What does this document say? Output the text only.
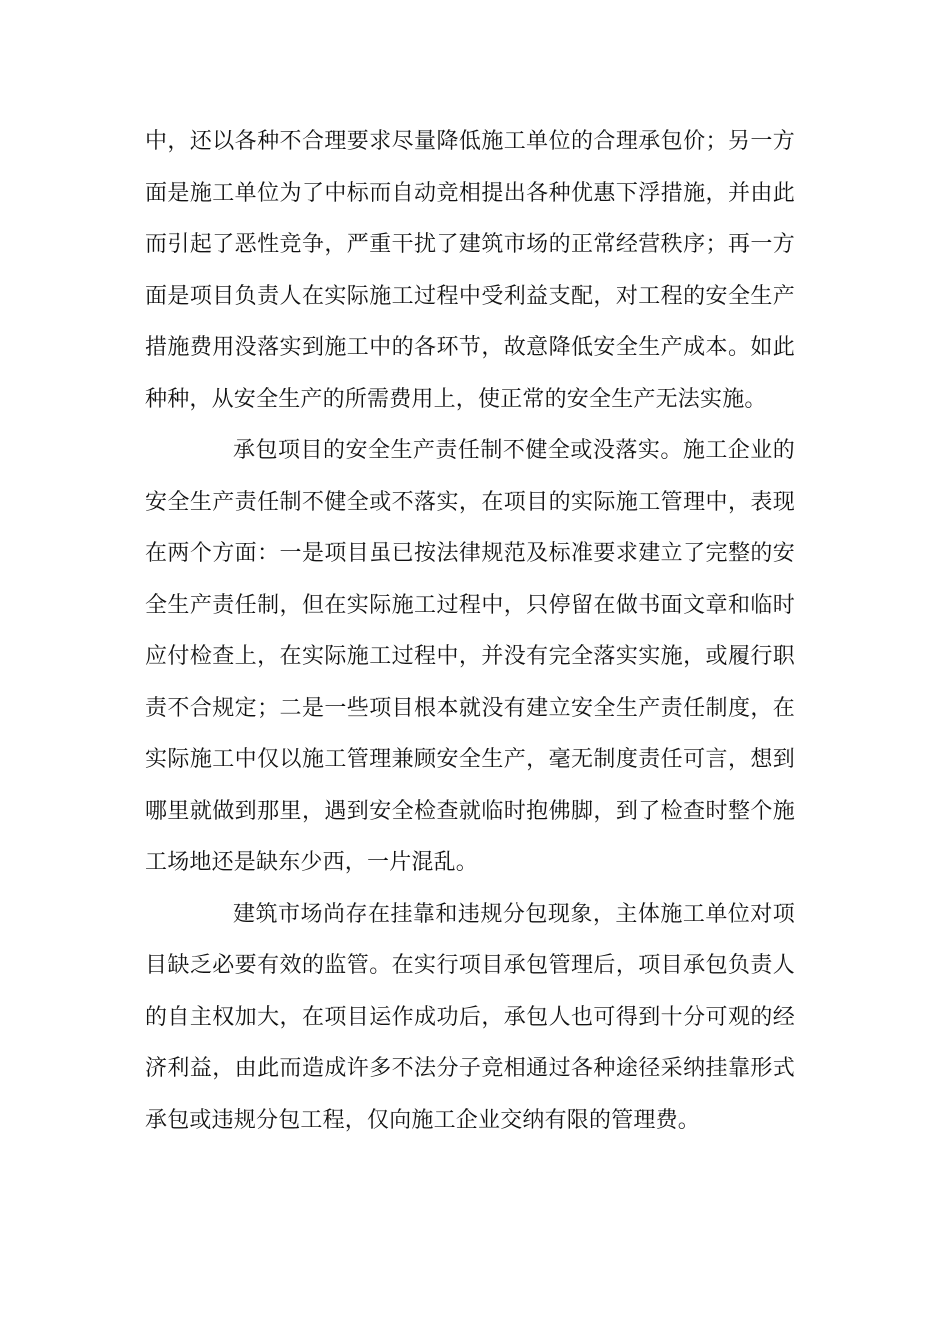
中，还以各种不合理要求尽量降低施工单位的合理承包价；另一方面是施工单位为了中标而自动竞相提出各种优惠下浮措施，并由此而引起了恶性竞争，严重干扰了建筑市场的正常经营秩序；再一方面是项目负责人在实际施工过程中受利益支配，对工程的安全生产措施费用没落实到施工中的各环节，故意降低安全生产成本。如此种种，从安全生产的所需费用上，使正常的安全生产无法实施。

承包项目的安全生产责任制不健全或没落实。施工企业的安全生产责任制不健全或不落实，在项目的实际施工管理中，表现在两个方面：一是项目虽已按法律规范及标准要求建立了完整的安全生产责任制，但在实际施工过程中，只停留在做书面文章和临时应付检查上，在实际施工过程中，并没有完全落实实施，或履行职责不合规定；二是一些项目根本就没有建立安全生产责任制度，在实际施工中仅以施工管理兼顾安全生产，毫无制度责任可言，想到哪里就做到那里，遇到安全检查就临时抱佛脚，到了检查时整个施工场地还是缺东少西，一片混乱。

建筑市场尚存在挂靠和违规分包现象，主体施工单位对项目缺乏必要有效的监管。在实行项目承包管理后，项目承包负责人的自主权加大，在项目运作成功后，承包人也可得到十分可观的经济利益，由此而造成许多不法分子竞相通过各种途径采纳挂靠形式承包或违规分包工程，仅向施工企业交纳有限的管理费。
